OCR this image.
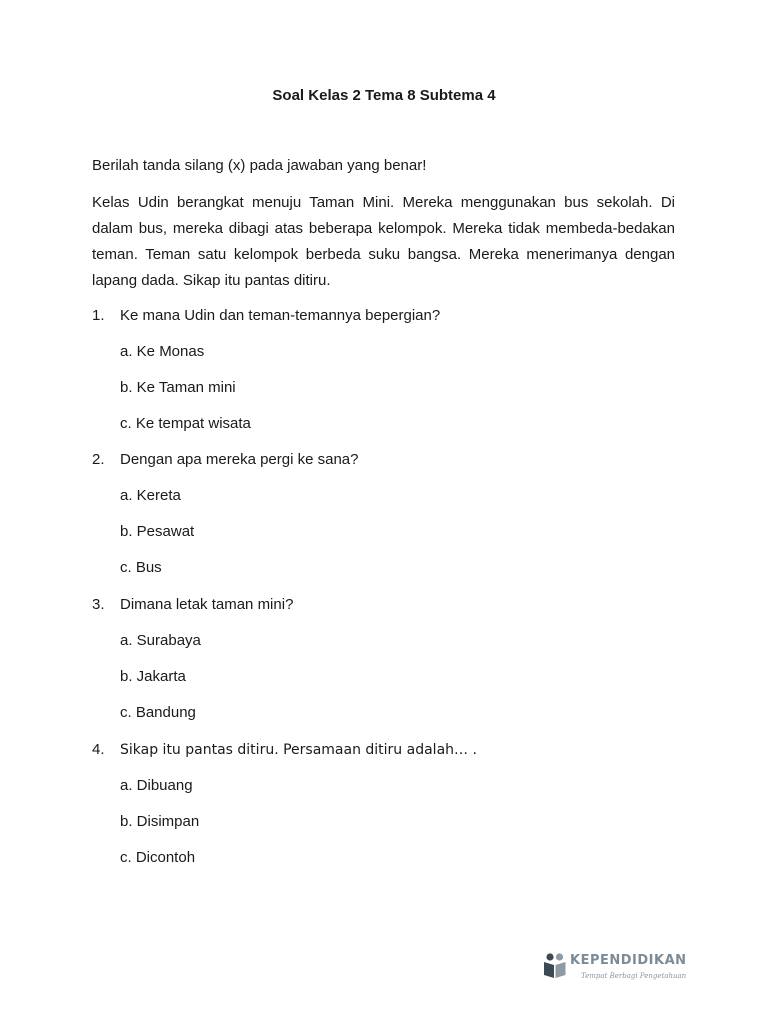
Soal Kelas 2 Tema 8 Subtema 4
Berilah tanda silang (x) pada jawaban yang benar!
Kelas Udin berangkat menuju Taman Mini. Mereka menggunakan bus sekolah. Di dalam bus, mereka dibagi atas beberapa kelompok. Mereka tidak membeda-bedakan teman. Teman satu kelompok berbeda suku bangsa. Mereka menerimanya dengan lapang dada. Sikap itu pantas ditiru.
1. Ke mana Udin dan teman-temannya bepergian?
a. Ke Monas
b. Ke Taman mini
c. Ke tempat wisata
2. Dengan apa mereka pergi ke sana?
a. Kereta
b. Pesawat
c. Bus
3. Dimana letak taman mini?
a. Surabaya
b. Jakarta
c. Bandung
4. Sikap itu pantas ditiru. Persamaan ditiru adalah… .
a. Dibuang
b. Disimpan
c. Dicontoh
KEPENDIDIKAN
Tempat Berbagi Pengetahuan
